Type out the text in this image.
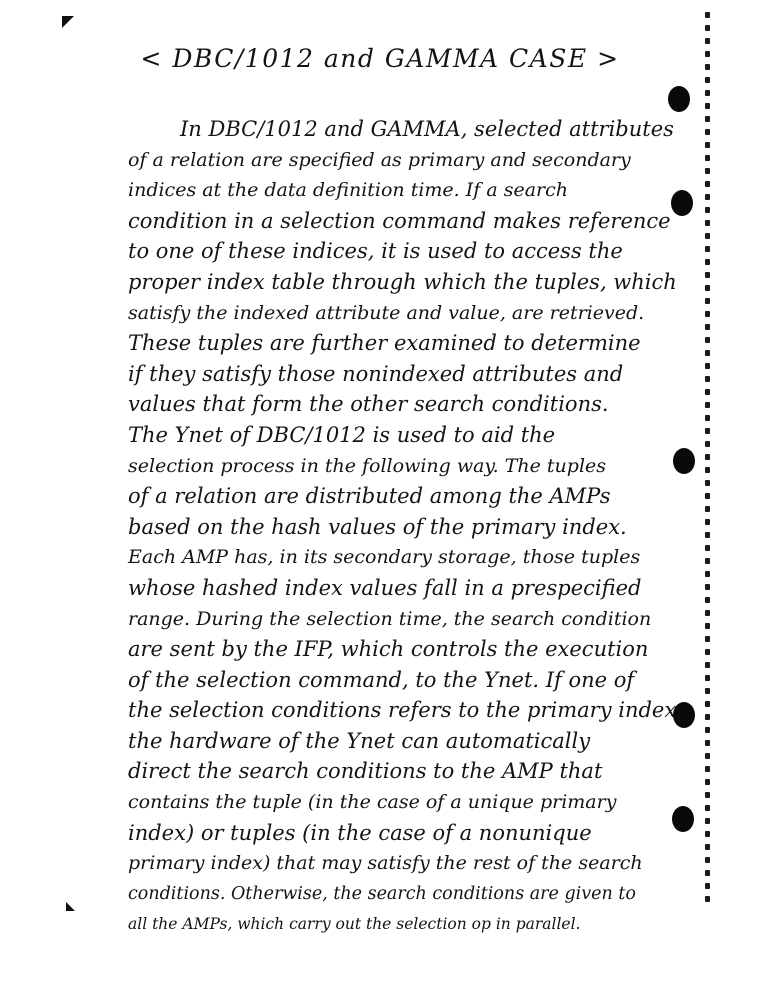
< DBC/1012 and GAMMA CASE >
In DBC/1012 and GAMMA, selected attributes
of a relation are specified as primary and secondary
indices at the data definition time. If a search
condition in a selection command makes reference
to one of these indices, it is used to access the
proper index table through which the tuples, which
satisfy the indexed attribute and value, are retrieved.
These tuples are further examined to determine
if they satisfy those nonindexed attributes and
values that form the other search conditions.
The Ynet of DBC/1012 is used to aid the
selection process in the following way. The tuples
of a relation are distributed among the AMPs
based on the hash values of the primary index.
Each AMP has, in its secondary storage, those tuples
whose hashed index values fall in a prespecified
range. During the selection time, the search condition
are sent by the IFP, which controls the execution
of the selection command, to the Ynet. If one of
the selection conditions refers to the primary index,
the hardware of the Ynet can automatically
direct the search conditions to the AMP that
contains the tuple (in the case of a unique primary
index) or tuples (in the case of a nonunique
primary index) that may satisfy the rest of the search
conditions. Otherwise, the search conditions are given to
all the AMPs, which carry out the selection op in parallel.
